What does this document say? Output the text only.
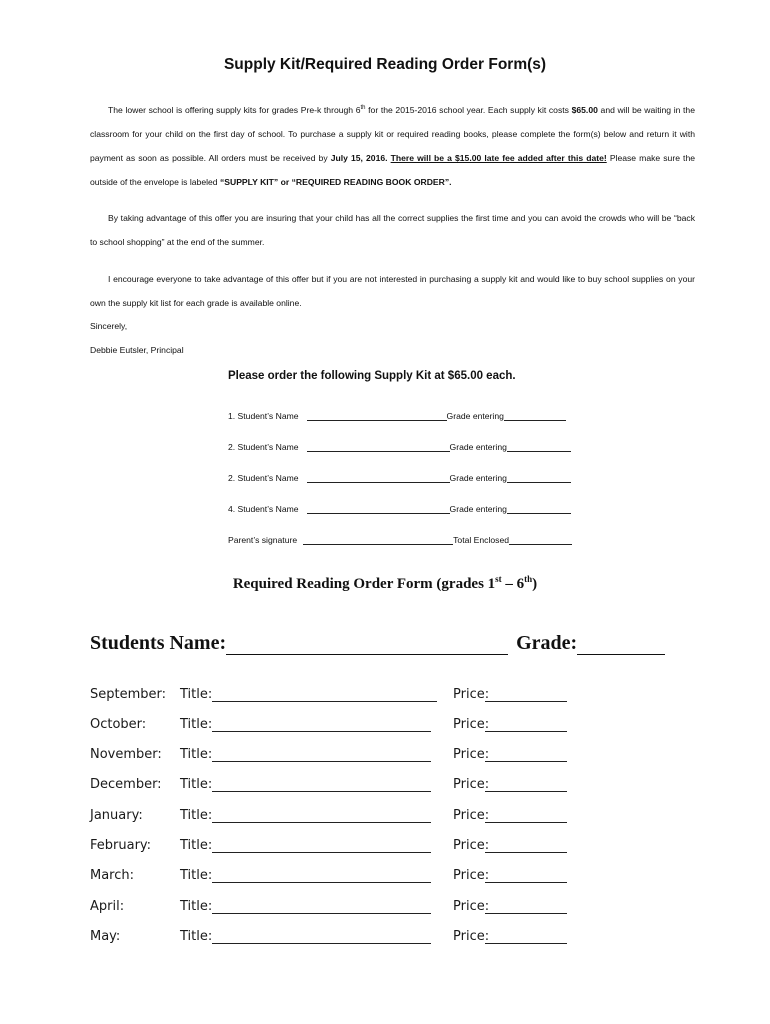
Supply Kit/Required Reading Order Form(s)

The lower school is offering supply kits for grades Pre-k through 6th for the 2015-2016 school year. Each supply kit costs $65.00 and will be waiting in the classroom for your child on the first day of school. To purchase a supply kit or required reading books, please complete the form(s) below and return it with payment as soon as possible. All orders must be received by July 15, 2016. There will be a $15.00 late fee added after this date! Please make sure the outside of the envelope is labeled “SUPPLY KIT” or “REQUIRED READING BOOK ORDER”.

By taking advantage of this offer you are insuring that your child has all the correct supplies the first time and you can avoid the crowds who will be “back to school shopping” at the end of the summer.

I encourage everyone to take advantage of this offer but if you are not interested in purchasing a supply kit and would like to buy school supplies on your own the supply kit list for each grade is available online.

Sincerely,

Debbie Eutsler, Principal

Please order the following Supply Kit at $65.00 each.
1. Student’s Name	Grade entering
2. Student’s Name	Grade entering
2. Student’s Name	Grade entering
4. Student’s Name	Grade entering
Parent’s signature	Total Enclosed
Required Reading Order Form (grades 1st – 6th)
Students Name:	Grade:
September: Title:	Price:
October:	Title:	Price:
November: Title:	Price:
December: Title:	Price:
January:	Title:	Price:
February: Title:	Price:
March:	Title:	Price:
April:	Title:	Price:
May:	Title:	Price:
